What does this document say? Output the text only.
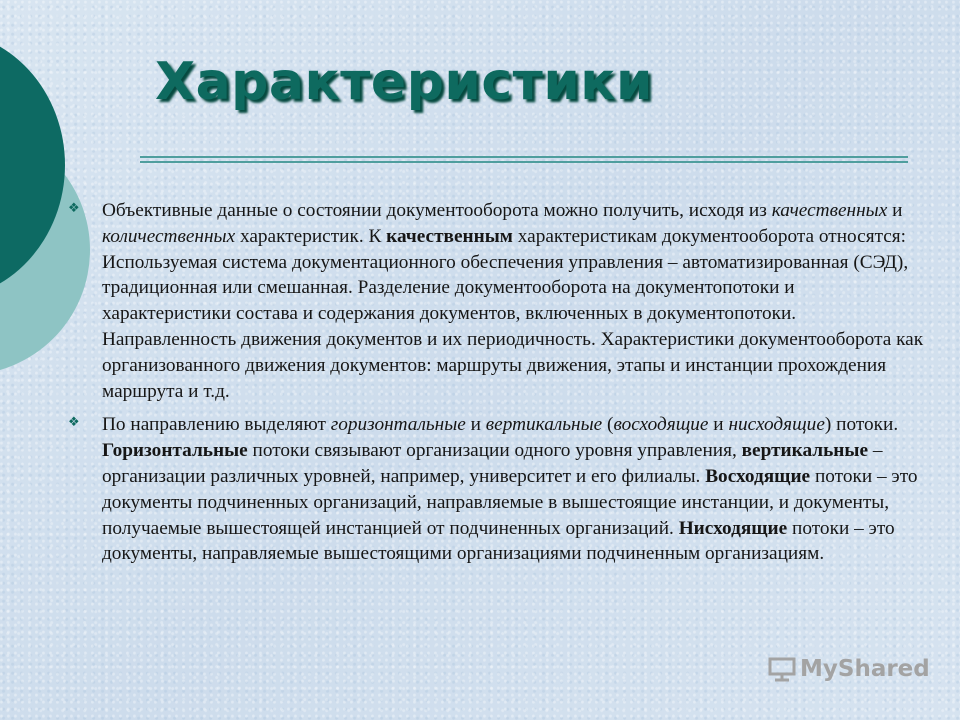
Характеристики
❖ Объективные данные о состоянии документооборота можно получить, исходя из качественных и количественных характеристик. К качественным характеристикам документооборота относятся: Используемая система документационного обеспечения управления – автоматизированная (СЭД), традиционная или смешанная. Разделение документооборота на документопотоки и характеристики состава и содержания документов, включенных в документопотоки. Направленность движения документов и их периодичность. Характеристики документооборота как организованного движения документов: маршруты движения, этапы и инстанции прохождения маршрута и т.д.

❖ По направлению выделяют горизонтальные и вертикальные (восходящие и нисходящие) потоки. Горизонтальные потоки связывают организации одного уровня управления, вертикальные – организации различных уровней, например, университет и его филиалы. Восходящие потоки – это документы подчиненных организаций, направляемые в вышестоящие инстанции, и документы, получаемые вышестоящей инстанцией от подчиненных организаций. Нисходящие потоки – это документы, направляемые вышестоящими организациями подчиненным организациям.

MyShared
